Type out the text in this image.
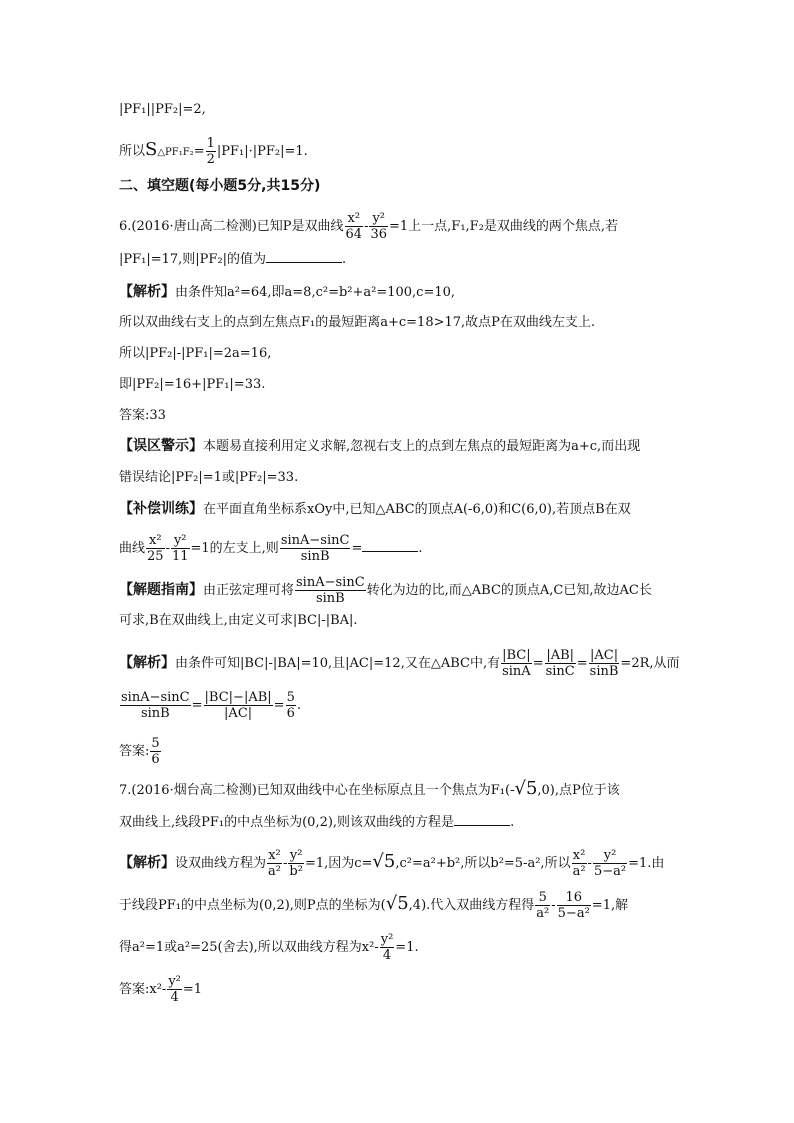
|PF₁||PF₂|=2,
所以S△PF₁F₂= $\frac{1}{2} |PF_1|\cdot|PF_2|=1$.
二、填空题(每小题5分,共15分)
6.(2016·唐山高二检测)已知P是双曲线 $\frac{\text{x²}}{64} - \frac{\text{y²}}{36} =1$上一点,F₁,F₂是双曲线的两个焦点,若
|PF₁|=17,则|PF₂|的值为	.
【解析】由条件知a²=64,即a=8,c²=b²+a²=100,c=10,
所以双曲线右支上的点到左焦点F₁的最短距离a+c=18>17,故点P在双曲线左支上.
所以|PF₂|-|PF₁|=2a=16,
即|PF₂|=16+|PF₁|=33.
答案:33
【误区警示】本题易直接利用定义求解,忽视右支上的点到左焦点的最短距离为a+c,而出现
错误结论|PF₂|=1或|PF₂|=33.
【补偿训练】在平面直角坐标系xOy中,已知△ABC的顶点A(-6,0)和C(6,0),若顶点B在双
曲线 $\frac{\text{x²}}{25} - \frac{\text{y²}}{11} =1$的左支上,则 $\frac{\sin A-\sin C}{\sin B}$ =	.
【解题指南】由正弦定理可将 $\frac{\sin A-\sin C}{\sin B}$ 转化为边的比,而△ABC的顶点A,C已知,故边AC长
可求,B在双曲线上,由定义可求|BC|-|BA|.
【解析】由条件可知|BC|-|BA|=10,且|AC|=12,又在△ABC中,有 $\frac{|BC|}{\sin A} = \frac{|AB|}{\sin C} = \frac{|AC|}{\sin B} =2R$,从而
$\frac{\sin A-\sin C}{\sin B} = \frac{|BC|-|AB|}{|AC|} = \frac{5}{6}$ .
答案: $\frac{5}{6}$
7.(2016·烟台高二检测)已知双曲线中心在坐标原点且一个焦点为F₁(-√5,0),点P位于该
双曲线上,线段PF₁的中点坐标为(0,2),则该双曲线的方程是	.
【解析】设双曲线方程为 $\frac{\text{x²}}{\text{a²}} - \frac{\text{y²}}{\text{b²}} =1$,因为c=√5,c²=a²+b²,所以b²=5-a²,所以 $\frac{\text{x²}}{\text{a²}} - \frac{\text{y²}}{\text{5−a²}} =1$.由
于线段PF₁的中点坐标为(0,2),则P点的坐标为(√5,4).代入双曲线方程得 $\frac{5}{\text{a²}} - \frac{16}{\text{5−a²}} =1$,解
得a²=1或a²=25(舍去),所以双曲线方程为$x^2- \frac{\text{y²}}{4} =1$.
答案:x²- $\frac{\text{y²}}{4} =1$
